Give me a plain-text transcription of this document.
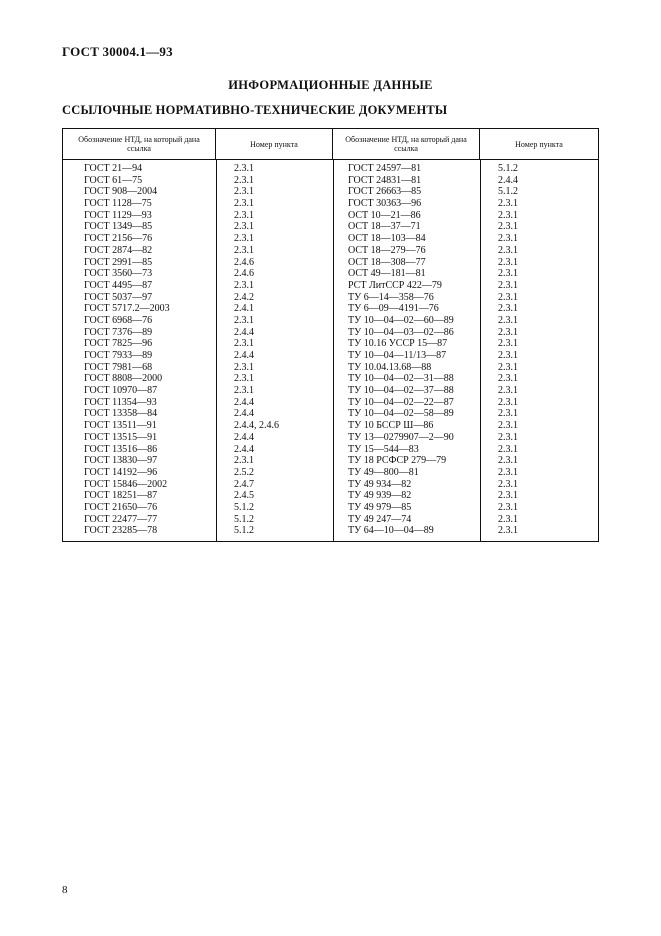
ГОСТ 30004.1—93
ИНФОРМАЦИОННЫЕ ДАННЫЕ
ССЫЛОЧНЫЕ НОРМАТИВНО-ТЕХНИЧЕСКИЕ ДОКУМЕНТЫ
Обозначение НТД, на который дана ссылка	Номер пункта	Обозначение НТД, на который дана ссылка	Номер пункта
ГОСТ 21—94	2.3.1	ГОСТ 24597—81	5.1.2
ГОСТ 61—75	2.3.1	ГОСТ 24831—81	2.4.4
ГОСТ 908—2004	2.3.1	ГОСТ 26663—85	5.1.2
ГОСТ 1128—75	2.3.1	ГОСТ 30363—96	2.3.1
ГОСТ 1129—93	2.3.1	ОСТ 10—21—86	2.3.1
ГОСТ 1349—85	2.3.1	ОСТ 18—37—71	2.3.1
ГОСТ 2156—76	2.3.1	ОСТ 18—103—84	2.3.1
ГОСТ 2874—82	2.3.1	ОСТ 18—279—76	2.3.1
ГОСТ 2991—85	2.4.6	ОСТ 18—308—77	2.3.1
ГОСТ 3560—73	2.4.6	ОСТ 49—181—81	2.3.1
ГОСТ 4495—87	2.3.1	РСТ ЛитССР 422—79	2.3.1
ГОСТ 5037—97	2.4.2	ТУ 6—14—358—76	2.3.1
ГОСТ 5717.2—2003	2.4.1	ТУ 6—09—4191—76	2.3.1
ГОСТ 6968—76	2.3.1	ТУ 10—04—02—60—89	2.3.1
ГОСТ 7376—89	2.4.4	ТУ 10—04—03—02—86	2.3.1
ГОСТ 7825—96	2.3.1	ТУ 10.16 УССР 15—87	2.3.1
ГОСТ 7933—89	2.4.4	ТУ 10—04—11/13—87	2.3.1
ГОСТ 7981—68	2.3.1	ТУ 10.04.13.68—88	2.3.1
ГОСТ 8808—2000	2.3.1	ТУ 10—04—02—31—88	2.3.1
ГОСТ 10970—87	2.3.1	ТУ 10—04—02—37—88	2.3.1
ГОСТ 11354—93	2.4.4	ТУ 10—04—02—22—87	2.3.1
ГОСТ 13358—84	2.4.4	ТУ 10—04—02—58—89	2.3.1
ГОСТ 13511—91	2.4.4, 2.4.6	ТУ 10 БССР Ш—86	2.3.1
ГОСТ 13515—91	2.4.4	ТУ 13—0279907—2—90	2.3.1
ГОСТ 13516—86	2.4.4	ТУ 15—544—83	2.3.1
ГОСТ 13830—97	2.3.1	ТУ 18 РСФСР 279—79	2.3.1
ГОСТ 14192—96	2.5.2	ТУ 49—800—81	2.3.1
ГОСТ 15846—2002	2.4.7	ТУ 49 934—82	2.3.1
ГОСТ 18251—87	2.4.5	ТУ 49 939—82	2.3.1
ГОСТ 21650—76	5.1.2	ТУ 49 979—85	2.3.1
ГОСТ 22477—77	5.1.2	ТУ 49 247—74	2.3.1
ГОСТ 23285—78	5.1.2	ТУ 64—10—04—89	2.3.1
8
